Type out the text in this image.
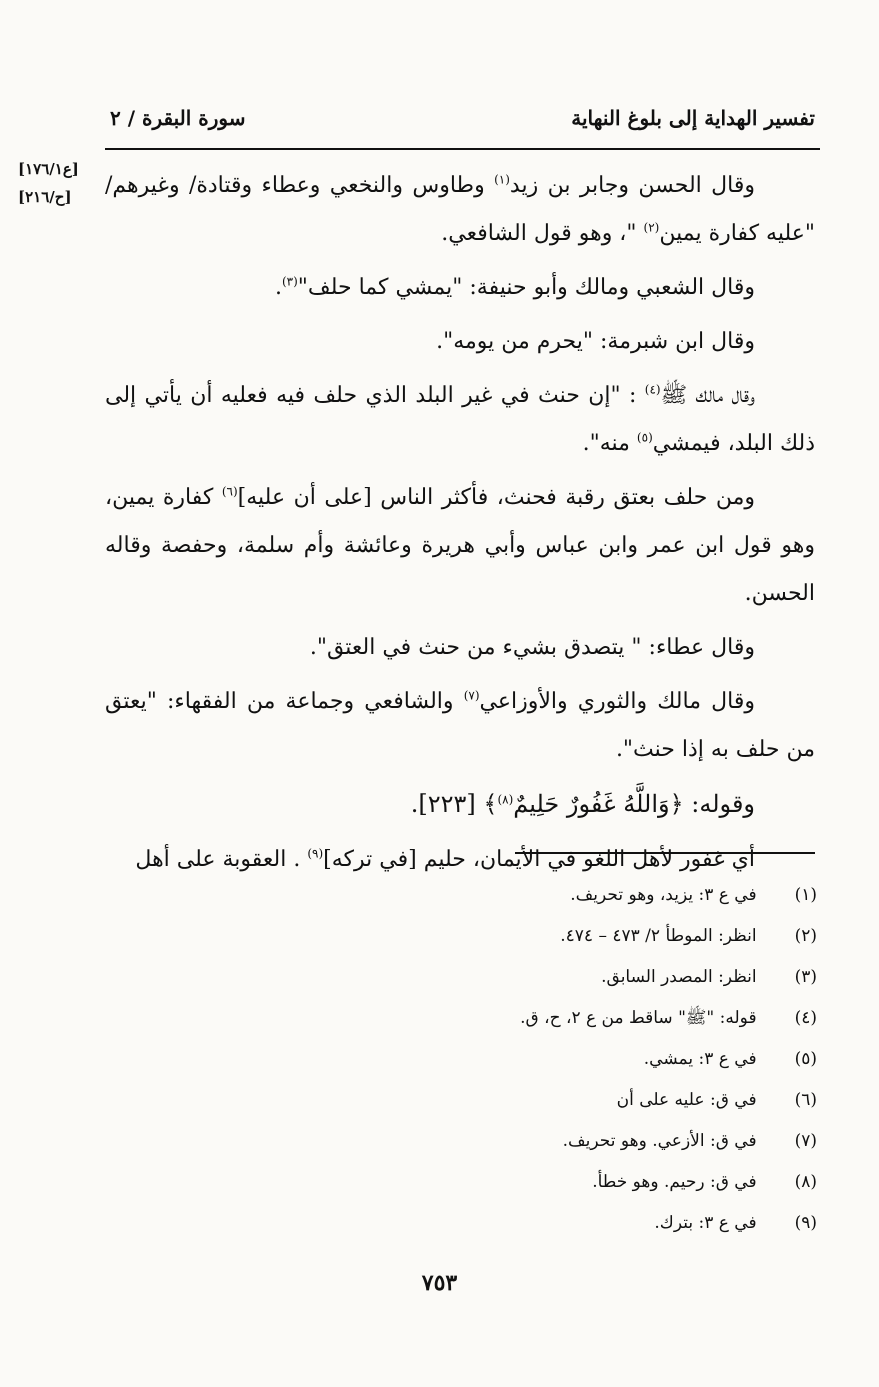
تفسير الهداية إلى بلوغ النهاية
سورة البقرة / ٢
[ع١٧٦/١]
[ح/٢١٦]	وقال الحسن وجابر بن زيد$^{(١)}$ وطاوس والنخعي وعطاء وقتادة/ وغيرهم/ "عليه كفارة يمين$^{(٢)}$ "، وهو قول الشافعي.

وقال الشعبي ومالك وأبو حنيفة: "يمشي كما حلف"$^{(٣)}$.

وقال ابن شبرمة: "يحرم من يومه".

وقال مالك ﷺ$^{(٤)}$ : "إن حنث في غير البلد الذي حلف فيه فعليه أن يأتي إلى ذلك البلد، فيمشي$^{(٥)}$ منه".

ومن حلف بعتق رقبة فحنث، فأكثر الناس [على أن عليه]$^{(٦)}$ كفارة يمين، وهو قول ابن عمر وابن عباس وأبي هريرة وعائشة وأم سلمة، وحفصة وقاله الحسن.

وقال عطاء: " يتصدق بشيء من حنث في العتق".

وقال مالك والثوري والأوزاعي$^{(٧)}$ والشافعي وجماعة من الفقهاء: "يعتق من حلف به إذا حنث".

وقوله: ﴿وَاللَّهُ غَفُورٌ حَلِيمٌ$^{(٨)}$﴾ [٢٢٣].

أي غفور لأهل اللغو في الأيمان، حليم [في تركه]$^{(٩)}$ . العقوبة على أهل

(١) في ع ٣: يزيد، وهو تحريف.
(٢) انظر: الموطأ ٢/ ٤٧٣ – ٤٧٤.
(٣) انظر: المصدر السابق.
(٤) قوله: "ﷺ" ساقط من ع ٢، ح، ق.
(٥) في ع ٣: يمشي.
(٦) في ق: عليه على أن
(٧) في ق: الأزعي. وهو تحريف.
(٨) في ق: رحيم. وهو خطأ.
(٩) في ع ٣: بترك.
٧٥٣
